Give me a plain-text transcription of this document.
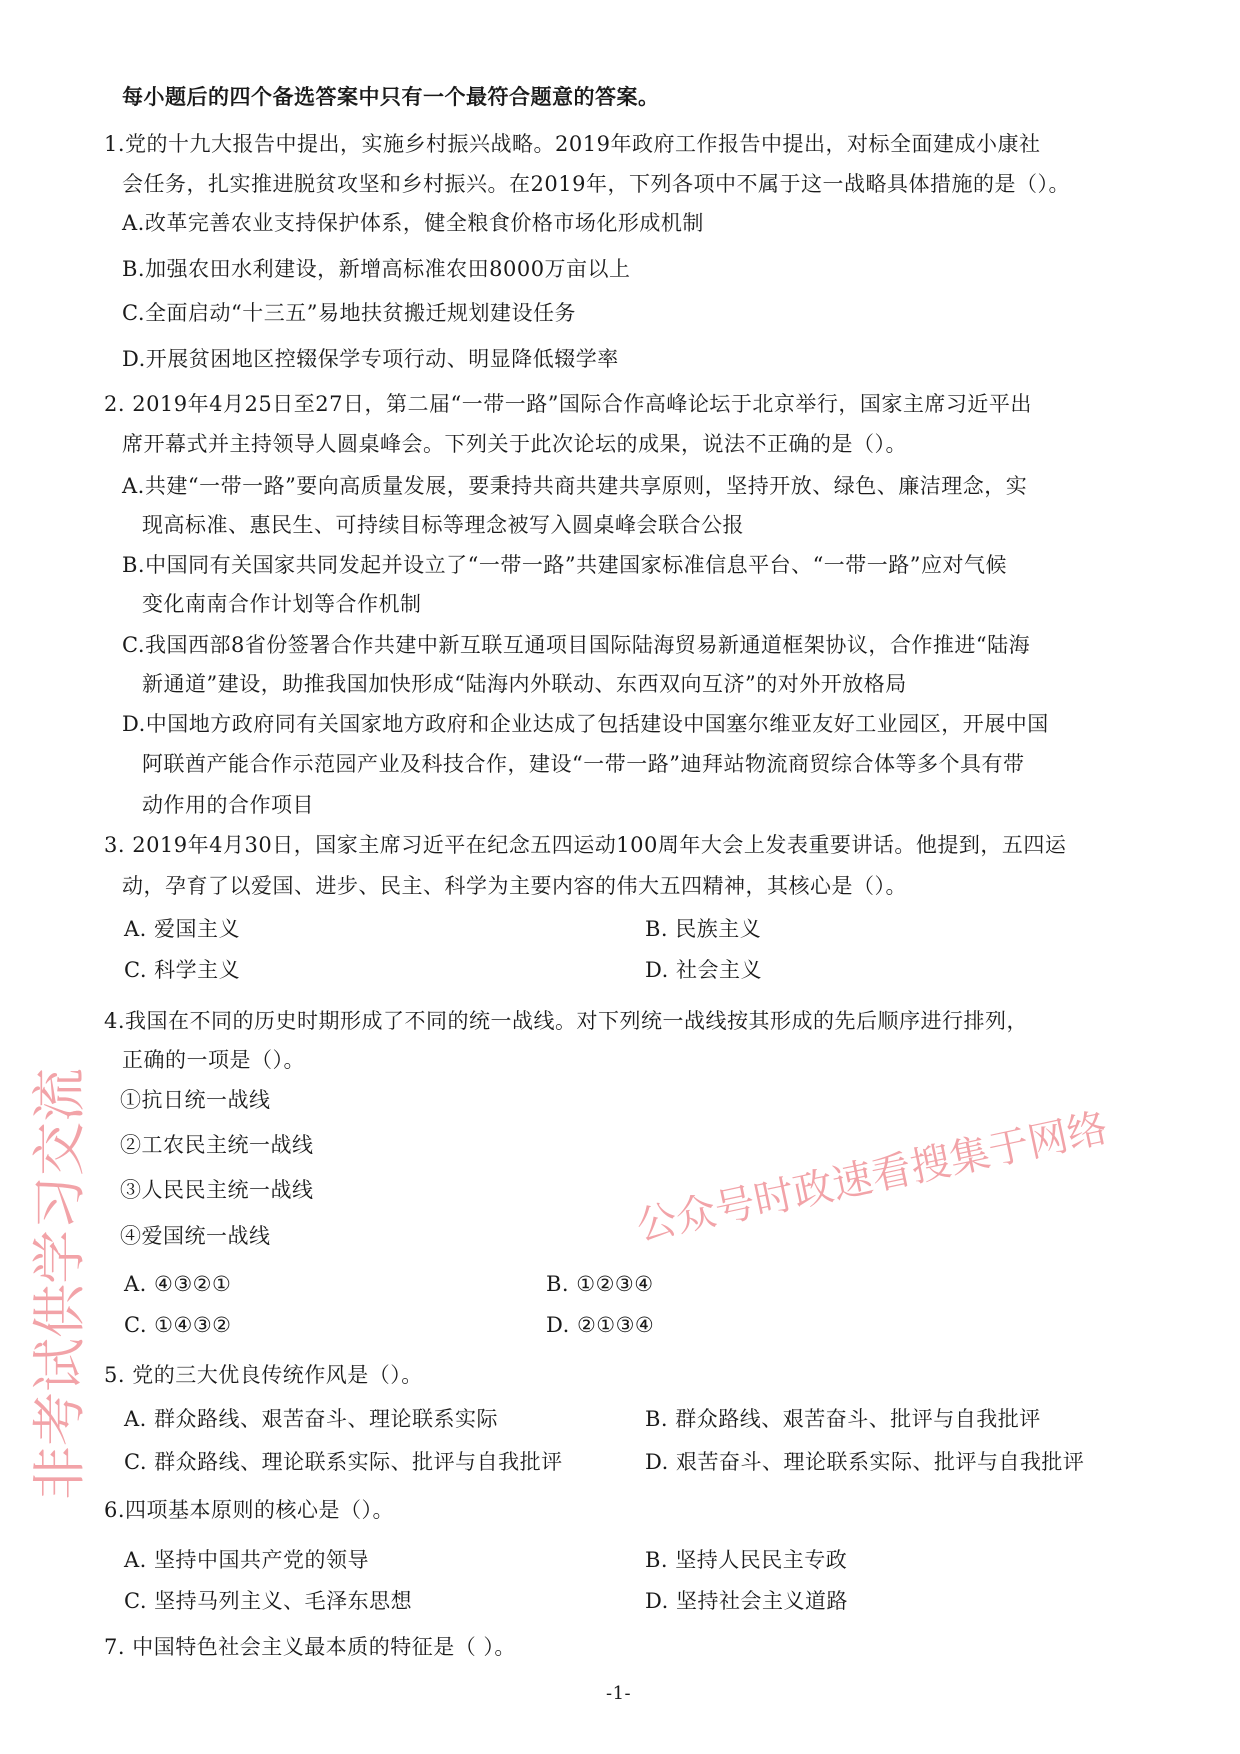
非考试供学习交流	公众号时政速看搜集于网络
每小题后的四个备选答案中只有一个最符合题意的答案。
1.党的十九大报告中提出，实施乡村振兴战略。2019年政府工作报告中提出，对标全面建成小康社
会任务，扎实推进脱贫攻坚和乡村振兴。在2019年，下列各项中不属于这一战略具体措施的是（）。
A.改革完善农业支持保护体系，健全粮食价格市场化形成机制
B.加强农田水利建设，新增高标准农田8000万亩以上
C.全面启动“十三五”易地扶贫搬迁规划建设任务
D.开展贫困地区控辍保学专项行动、明显降低辍学率
2. 2019年4月25日至27日，第二届“一带一路”国际合作高峰论坛于北京举行，国家主席习近平出
席开幕式并主持领导人圆桌峰会。下列关于此次论坛的成果，说法不正确的是（）。
A.共建“一带一路”要向高质量发展，要秉持共商共建共享原则，坚持开放、绿色、廉洁理念，实
现高标准、惠民生、可持续目标等理念被写入圆桌峰会联合公报
B.中国同有关国家共同发起并设立了“一带一路”共建国家标准信息平台、“一带一路”应对气候
变化南南合作计划等合作机制
C.我国西部8省份签署合作共建中新互联互通项目国际陆海贸易新通道框架协议，合作推进“陆海
新通道”建设，助推我国加快形成“陆海内外联动、东西双向互济”的对外开放格局
D.中国地方政府同有关国家地方政府和企业达成了包括建设中国塞尔维亚友好工业园区，开展中国
阿联酋产能合作示范园产业及科技合作，建设“一带一路”迪拜站物流商贸综合体等多个具有带
动作用的合作项目
3. 2019年4月30日，国家主席习近平在纪念五四运动100周年大会上发表重要讲话。他提到，五四运
动，孕育了以爱国、进步、民主、科学为主要内容的伟大五四精神，其核心是（）。
A. 爱国主义	B. 民族主义
C. 科学主义	D. 社会主义
4.我国在不同的历史时期形成了不同的统一战线。对下列统一战线按其形成的先后顺序进行排列，
正确的一项是（）。
①抗日统一战线
②工农民主统一战线
③人民民主统一战线
④爱国统一战线
A. ④③②①	B. ①②③④
C. ①④③②	D. ②①③④
5. 党的三大优良传统作风是（）。
A. 群众路线、艰苦奋斗、理论联系实际	B. 群众路线、艰苦奋斗、批评与自我批评
C. 群众路线、理论联系实际、批评与自我批评	D. 艰苦奋斗、理论联系实际、批评与自我批评
6.四项基本原则的核心是（）。
A. 坚持中国共产党的领导	B. 坚持人民民主专政
C. 坚持马列主义、毛泽东思想	D. 坚持社会主义道路
7. 中国特色社会主义最本质的特征是（ ）。
-1-
